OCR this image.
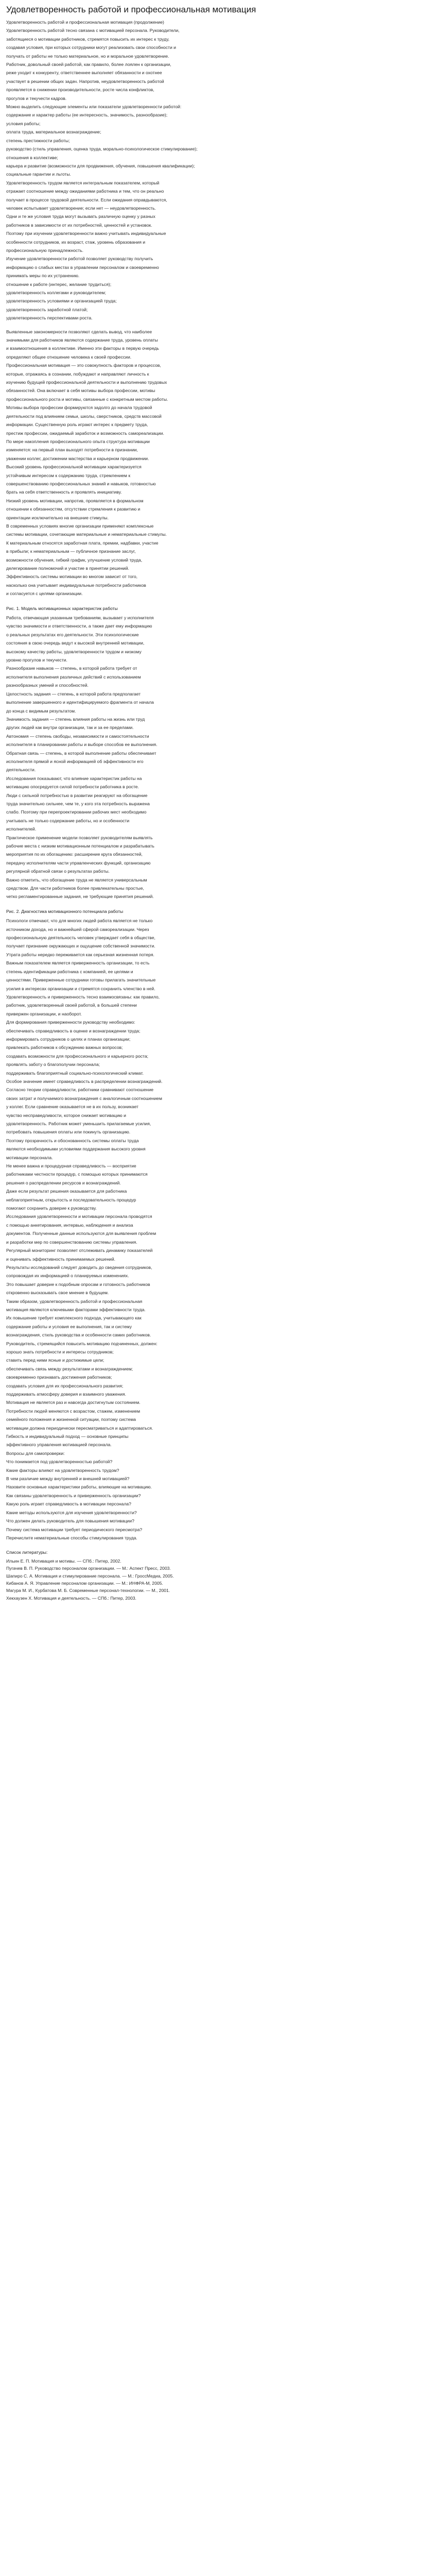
Удовлетворенность работой и профессиональная мотивация

Удовлетворенность работой и профессиональная мотивация (продолжение)

Удовлетворенность работой тесно связана с мотивацией персонала. Руководители,

заботящиеся о мотивации работников, стремятся повысить их интерес к труду,

создавая условия, при которых сотрудники могут реализовать свои способности и

получать от работы не только материальное, но и моральное удовлетворение.

Работник, довольный своей работой, как правило, более лоялен к организации,

реже уходит к конкуренту, ответственнее выполняет обязанности и охотнее

участвует в решении общих задач. Напротив, неудовлетворенность работой

проявляется в снижении производительности, росте числа конфликтов,

прогулов и текучести кадров.

Можно выделить следующие элементы или показатели удовлетворенности работой:

содержание и характер работы (ее интересность, значимость, разнообразие);

условия работы;

оплата труда, материальное вознаграждение;

степень престижности работы;

руководство (стиль управления, оценка труда, морально-психологическое стимулирование);

отношения в коллективе;

карьера и развитие (возможности для продвижения, обучения, повышения квалификации);

социальные гарантии и льготы.

Удовлетворенность трудом является интегральным показателем, который

отражает соотношение между ожиданиями работника и тем, что он реально

получает в процессе трудовой деятельности. Если ожидания оправдываются,

человек испытывает удовлетворение; если нет — неудовлетворенность.

Одни и те же условия труда могут вызывать различную оценку у разных

работников в зависимости от их потребностей, ценностей и установок.

Поэтому при изучении удовлетворенности важно учитывать индивидуальные

особенности сотрудников, их возраст, стаж, уровень образования и

профессиональную принадлежность.

Изучение удовлетворенности работой позволяет руководству получить

информацию о слабых местах в управлении персоналом и своевременно

принимать меры по их устранению.

отношение к работе (интерес, желание трудиться);

удовлетворенность коллегами и руководителем;

удовлетворенность условиями и организацией труда;

удовлетворенность заработной платой;

удовлетворенность перспективами роста.

Выявленные закономерности позволяют сделать вывод, что наиболее

значимыми для работников являются содержание труда, уровень оплаты

и взаимоотношения в коллективе. Именно эти факторы в первую очередь

определяют общее отношение человека к своей профессии.

Профессиональная мотивация — это совокупность факторов и процессов,

которые, отражаясь в сознании, побуждают и направляют личность к

изучению будущей профессиональной деятельности и выполнению трудовых

обязанностей. Она включает в себя мотивы выбора профессии, мотивы

профессионального роста и мотивы, связанные с конкретным местом работы.

Мотивы выбора профессии формируются задолго до начала трудовой

деятельности под влиянием семьи, школы, сверстников, средств массовой

информации. Существенную роль играют интерес к предмету труда,

престиж профессии, ожидаемый заработок и возможность самореализации.

По мере накопления профессионального опыта структура мотивации

изменяется: на первый план выходят потребности в признании,

уважении коллег, достижении мастерства и карьерном продвижении.

Высокий уровень профессиональной мотивации характеризуется

устойчивым интересом к содержанию труда, стремлением к

совершенствованию профессиональных знаний и навыков, готовностью

брать на себя ответственность и проявлять инициативу.

Низкий уровень мотивации, напротив, проявляется в формальном

отношении к обязанностям, отсутствии стремления к развитию и

ориентации исключительно на внешние стимулы.

В современных условиях многие организации применяют комплексные

системы мотивации, сочетающие материальные и нематериальные стимулы.

К материальным относятся заработная плата, премии, надбавки, участие

в прибыли; к нематериальным — публичное признание заслуг,

возможности обучения, гибкий график, улучшение условий труда,

делегирование полномочий и участие в принятии решений.

Эффективность системы мотивации во многом зависит от того,

насколько она учитывает индивидуальные потребности работников

и согласуется с целями организации.

Рис. 1. Модель мотивационных характеристик работы

Работа, отвечающая указанным требованиям, вызывает у исполнителя

чувство значимости и ответственности, а также дает ему информацию

о реальных результатах его деятельности. Эти психологические

состояния в свою очередь ведут к высокой внутренней мотивации,

высокому качеству работы, удовлетворенности трудом и низкому

уровню прогулов и текучести.

Разнообразие навыков — степень, в которой работа требует от

исполнителя выполнения различных действий с использованием

разнообразных умений и способностей.

Целостность задания — степень, в которой работа предполагает

выполнение завершенного и идентифицируемого фрагмента от начала

до конца с видимым результатом.

Значимость задания — степень влияния работы на жизнь или труд

других людей как внутри организации, так и за ее пределами.

Автономия — степень свободы, независимости и самостоятельности

исполнителя в планировании работы и выборе способов ее выполнения.

Обратная связь — степень, в которой выполнение работы обеспечивает

исполнителя прямой и ясной информацией об эффективности его

деятельности.

Исследования показывают, что влияние характеристик работы на

мотивацию опосредуется силой потребности работника в росте.

Люди с сильной потребностью в развитии реагируют на обогащение

труда значительно сильнее, чем те, у кого эта потребность выражена

слабо. Поэтому при перепроектировании рабочих мест необходимо

учитывать не только содержание работы, но и особенности

исполнителей.

Практическое применение модели позволяет руководителям выявлять

рабочие места с низким мотивационным потенциалом и разрабатывать

мероприятия по их обогащению: расширение круга обязанностей,

передачу исполнителям части управленческих функций, организацию

регулярной обратной связи о результатах работы.

Важно отметить, что обогащение труда не является универсальным

средством. Для части работников более привлекательны простые,

четко регламентированные задания, не требующие принятия решений.

Рис. 2. Диагностика мотивационного потенциала работы

Психологи отмечают, что для многих людей работа является не только

источником дохода, но и важнейшей сферой самореализации. Через

профессиональную деятельность человек утверждает себя в обществе,

получает признание окружающих и ощущение собственной значимости.

Утрата работы нередко переживается как серьезная жизненная потеря.

Важным показателем является приверженность организации, то есть

степень идентификации работника с компанией, ее целями и

ценностями. Приверженные сотрудники готовы прилагать значительные

усилия в интересах организации и стремятся сохранить членство в ней.

Удовлетворенность и приверженность тесно взаимосвязаны: как правило,

работник, удовлетворенный своей работой, в большей степени

привержен организации, и наоборот.

Для формирования приверженности руководству необходимо:

обеспечивать справедливость в оценке и вознаграждении труда;

информировать сотрудников о целях и планах организации;

привлекать работников к обсуждению важных вопросов;

создавать возможности для профессионального и карьерного роста;

проявлять заботу о благополучии персонала;

поддерживать благоприятный социально-психологический климат.

Особое значение имеет справедливость в распределении вознаграждений.

Согласно теории справедливости, работники сравнивают соотношение

своих затрат и получаемого вознаграждения с аналогичным соотношением

у коллег. Если сравнение оказывается не в их пользу, возникает

чувство несправедливости, которое снижает мотивацию и

удовлетворенность. Работник может уменьшить прилагаемые усилия,

потребовать повышения оплаты или покинуть организацию.

Поэтому прозрачность и обоснованность системы оплаты труда

являются необходимыми условиями поддержания высокого уровня

мотивации персонала.

Не менее важна и процедурная справедливость — восприятие

работниками честности процедур, с помощью которых принимаются

решения о распределении ресурсов и вознаграждений.

Даже если результат решения оказывается для работника

неблагоприятным, открытость и последовательность процедур

помогают сохранить доверие к руководству.

Исследования удовлетворенности и мотивации персонала проводятся

с помощью анкетирования, интервью, наблюдения и анализа

документов. Полученные данные используются для выявления проблем

и разработки мер по совершенствованию системы управления.

Регулярный мониторинг позволяет отслеживать динамику показателей

и оценивать эффективность принимаемых решений.

Результаты исследований следует доводить до сведения сотрудников,

сопровождая их информацией о планируемых изменениях.

Это повышает доверие к подобным опросам и готовность работников

откровенно высказывать свое мнение в будущем.

Таким образом, удовлетворенность работой и профессиональная

мотивация являются ключевыми факторами эффективности труда.

Их повышение требует комплексного подхода, учитывающего как

содержание работы и условия ее выполнения, так и систему

вознаграждения, стиль руководства и особенности самих работников.

Руководитель, стремящийся повысить мотивацию подчиненных, должен:

хорошо знать потребности и интересы сотрудников;

ставить перед ними ясные и достижимые цели;

обеспечивать связь между результатами и вознаграждением;

своевременно признавать достижения работников;

создавать условия для их профессионального развития;

поддерживать атмосферу доверия и взаимного уважения.

Мотивация не является раз и навсегда достигнутым состоянием.

Потребности людей меняются с возрастом, стажем, изменением

семейного положения и жизненной ситуации, поэтому система

мотивации должна периодически пересматриваться и адаптироваться.

Гибкость и индивидуальный подход — основные принципы

эффективного управления мотивацией персонала.

Вопросы для самопроверки:

Что понимается под удовлетворенностью работой?

Какие факторы влияют на удовлетворенность трудом?

В чем различие между внутренней и внешней мотивацией?

Назовите основные характеристики работы, влияющие на мотивацию.

Как связаны удовлетворенность и приверженность организации?

Какую роль играет справедливость в мотивации персонала?

Какие методы используются для изучения удовлетворенности?

Что должен делать руководитель для повышения мотивации?

Почему система мотивации требует периодического пересмотра?

Перечислите нематериальные способы стимулирования труда.

Список литературы:

Ильин Е. П. Мотивация и мотивы. — СПб.: Питер, 2002.

Пугачев В. П. Руководство персоналом организации. — М.: Аспект Пресс, 2003.

Шапиро С. А. Мотивация и стимулирование персонала. — М.: ГроссМедиа, 2005.

Кибанов А. Я. Управление персоналом организации. — М.: ИНФРА-М, 2005.

Магура М. И., Курбатова М. Б. Современные персонал-технологии. — М., 2001.

Хекхаузен Х. Мотивация и деятельность. — СПб.: Питер, 2003.
